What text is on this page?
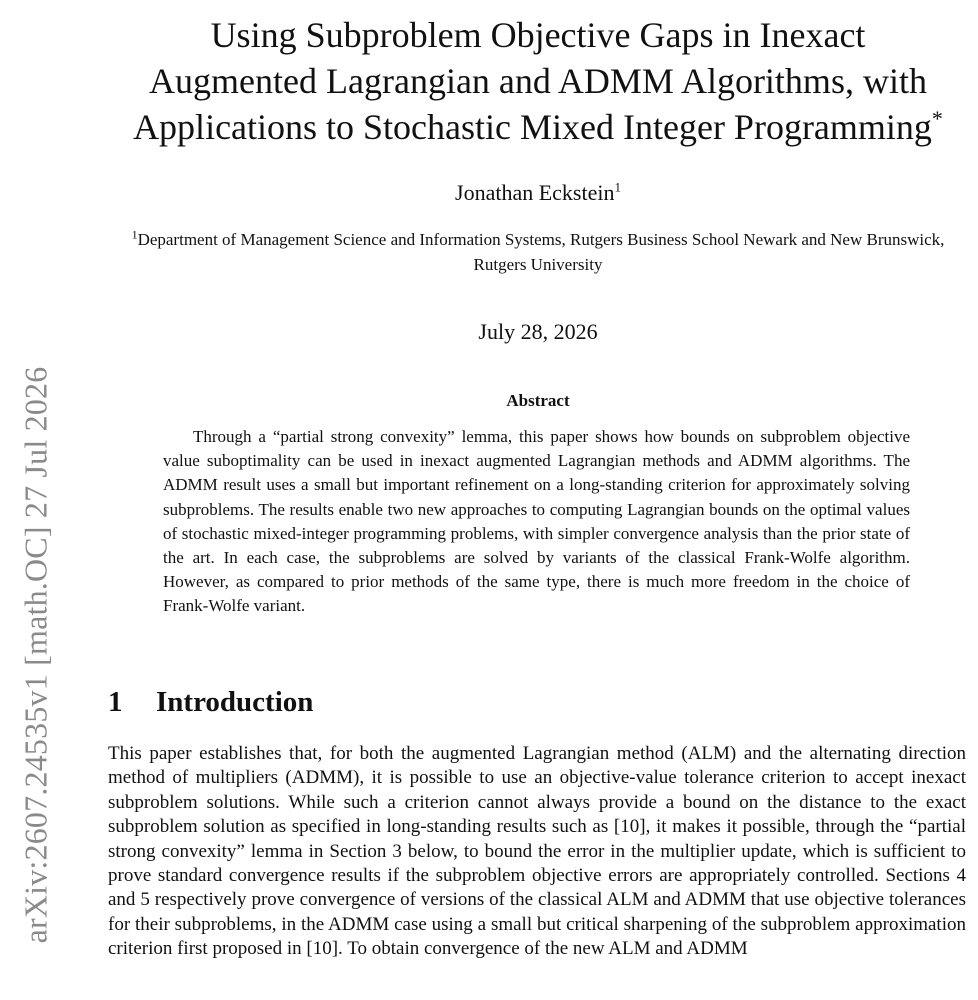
arXiv:2607.24535v1 [math.OC] 27 Jul 2026
Using Subproblem Objective Gaps in Inexact
Augmented Lagrangian and ADMM Algorithms, with
Applications to Stochastic Mixed Integer Programming*
Jonathan Eckstein$^1$
$^1$Department of Management Science and Information Systems, Rutgers Business School Newark and New Brunswick, Rutgers University
July 28, 2026
Abstract

Through a “partial strong convexity” lemma, this paper shows how bounds on subproblem objective value suboptimality can be used in inexact augmented Lagrangian methods and ADMM algorithms. The ADMM result uses a small but important refinement on a long-standing criterion for approximately solving subproblems. The results enable two new approaches to computing Lagrangian bounds on the optimal values of stochastic mixed-integer programming problems, with simpler convergence analysis than the prior state of the art. In each case, the subproblems are solved by variants of the classical Frank-Wolfe algorithm. However, as compared to prior methods of the same type, there is much more freedom in the choice of Frank-Wolfe variant.

1 Introduction

This paper establishes that, for both the augmented Lagrangian method (ALM) and the alternating direction method of multipliers (ADMM), it is possible to use an objective-value tolerance criterion to accept inexact subproblem solutions. While such a criterion cannot always provide a bound on the distance to the exact subproblem solution as specified in long-standing results such as [10], it makes it possible, through the “partial strong convexity” lemma in Section 3 below, to bound the error in the multiplier update, which is sufficient to prove standard convergence results if the subproblem objective errors are appropriately controlled. Sections 4 and 5 respectively prove convergence of versions of the classical ALM and ADMM that use objective tolerances for their subproblems, in the ADMM case using a small but critical sharpening of the subproblem approximation criterion first proposed in [10]. To obtain convergence of the new ALM and ADMM
